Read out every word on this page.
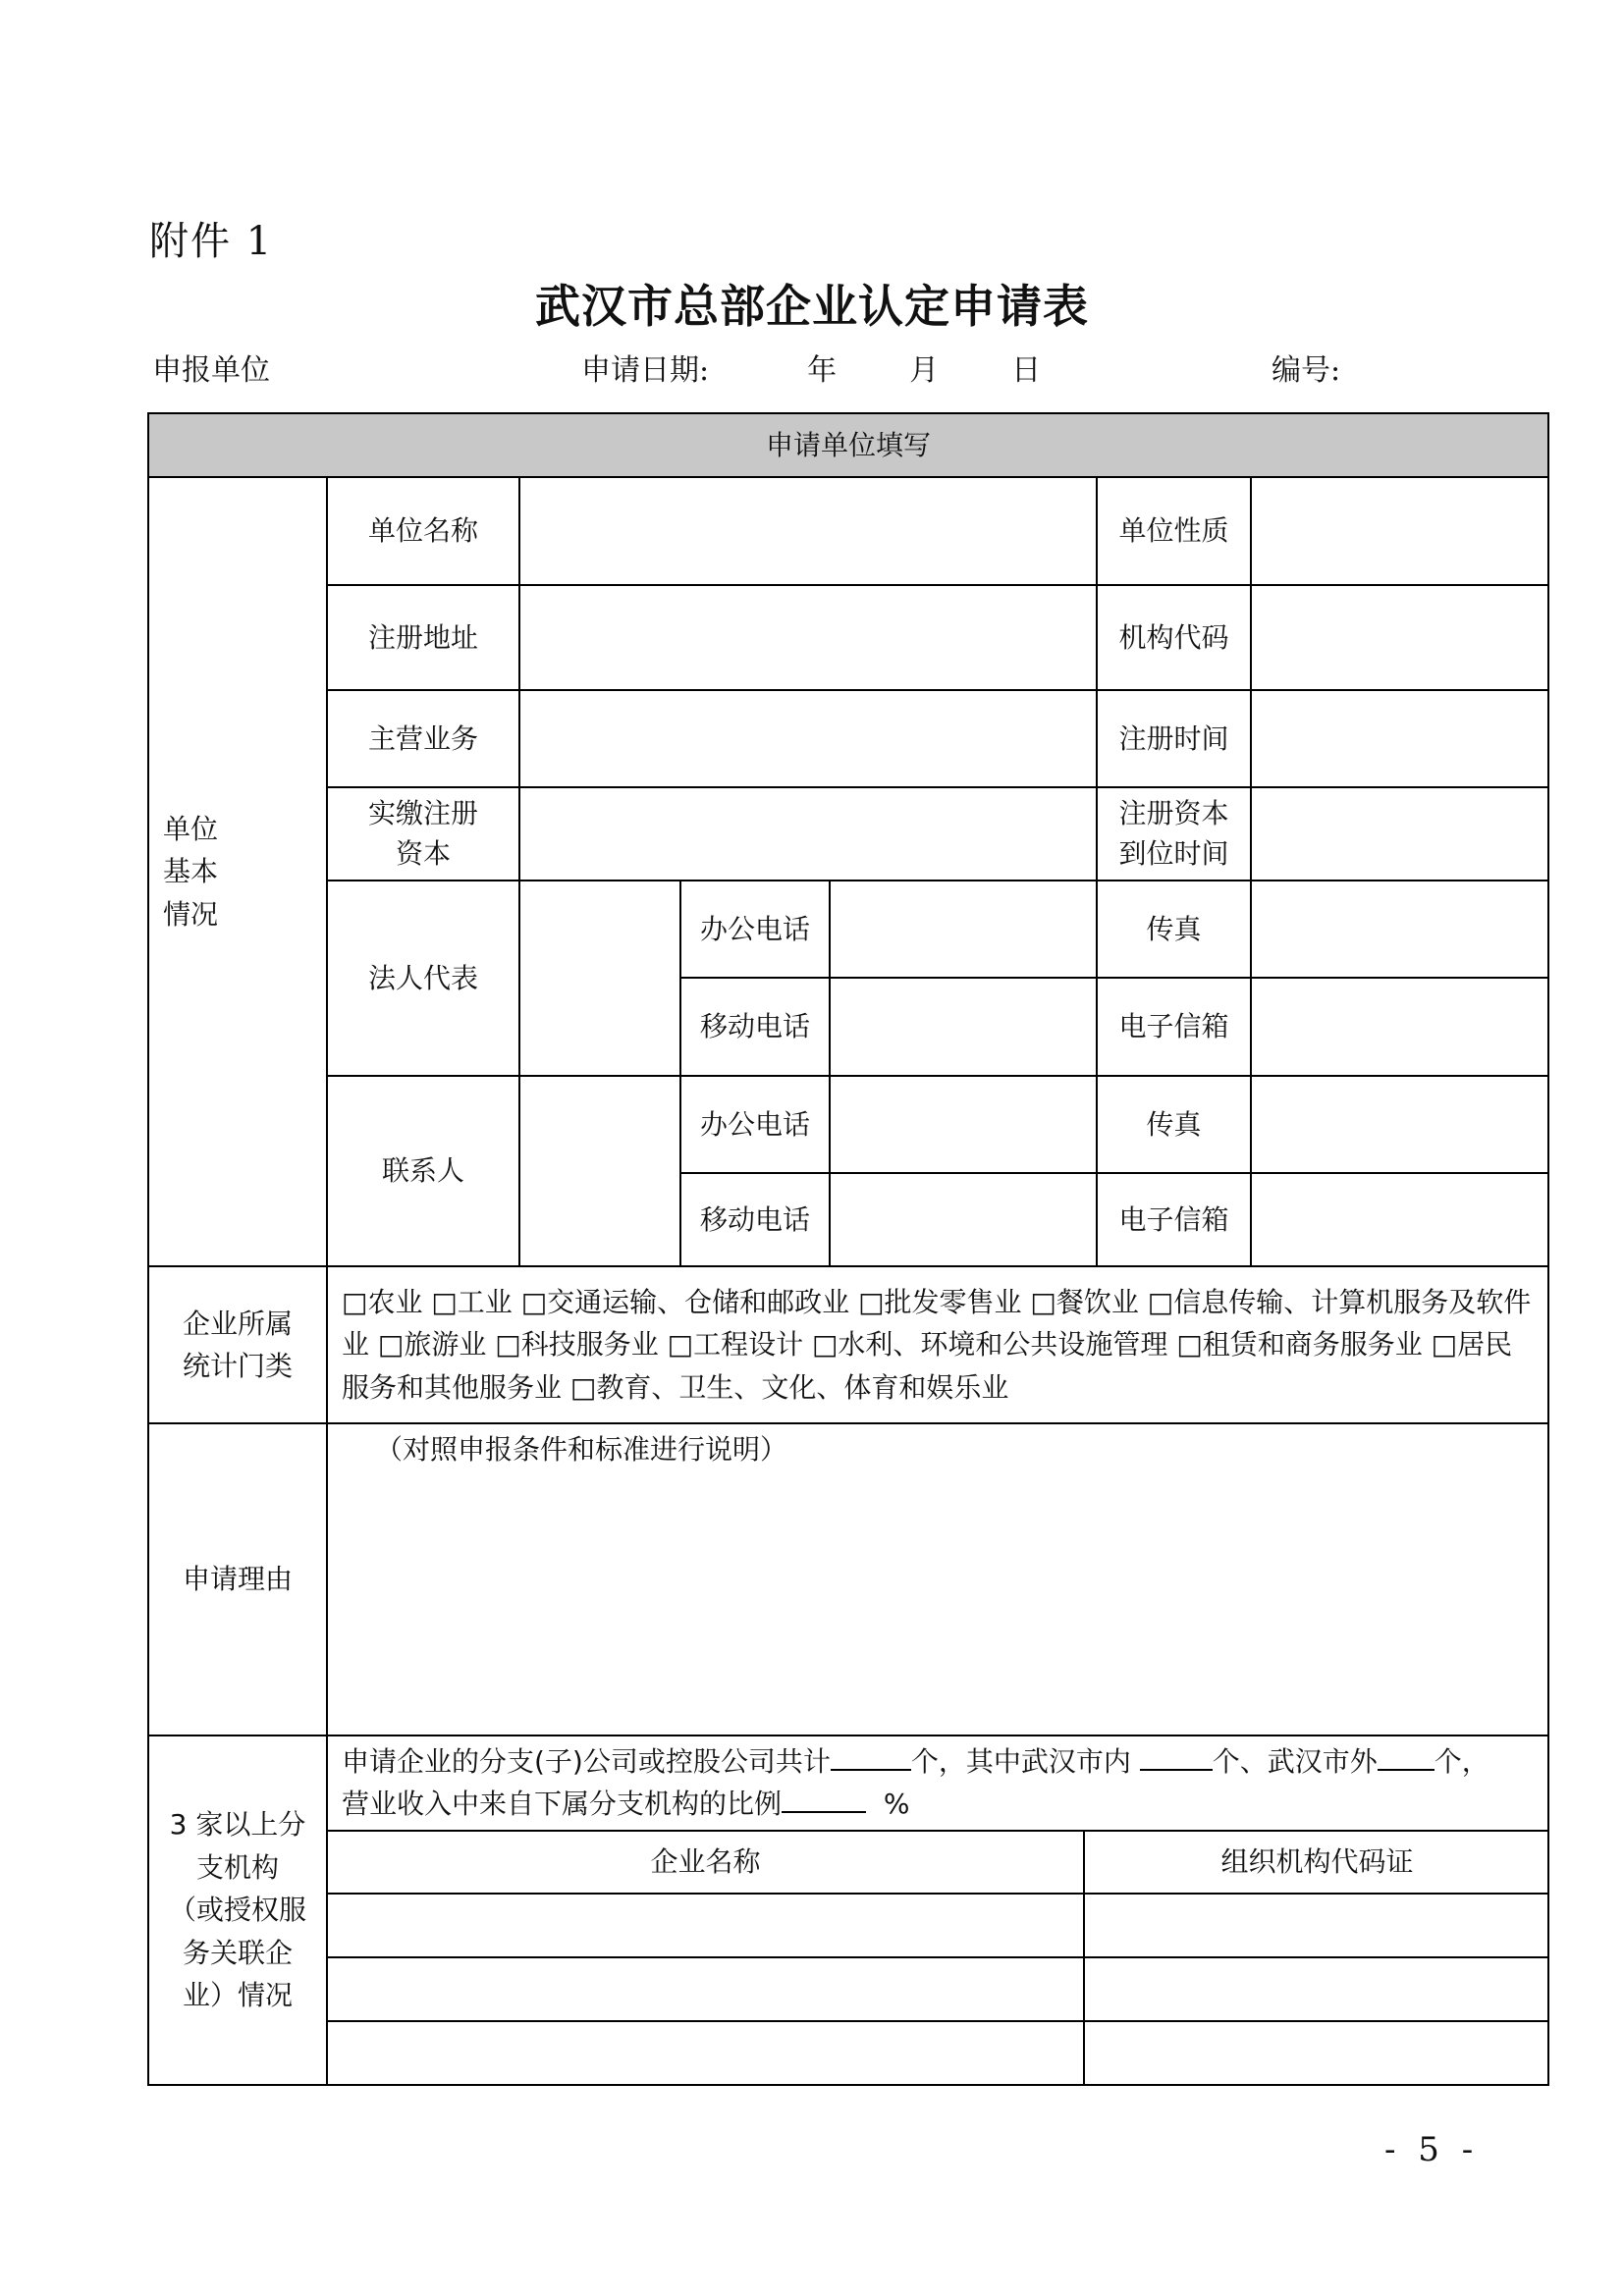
附件 1
武汉市总部企业认定申请表
申报单位	申请日期:	年 月 日	编号:
申请单位填写
单位
基本
情况	单位名称		单位性质	
注册地址		机构代码	
主营业务		注册时间	
实缴注册
资本		注册资本
到位时间	
法人代表		办公电话		传真	
移动电话		电子信箱	
联系人		办公电话		传真	
移动电话		电子信箱	
企业所属
统计门类	□农业 □工业 □交通运输、仓储和邮政业 □批发零售业 □餐饮业 □信息传输、计算机服务及软件业 □旅游业 □科技服务业 □工程设计 □水利、环境和公共设施管理 □租赁和商务服务业 □居民服务和其他服务业 □教育、卫生、文化、体育和娱乐业
申请理由	（对照申报条件和标准进行说明）
3 家以上分
支机构
（或授权服
务关联企
业）情况	
申请企业的分支(子)公司或控股公司共计	个，其中武汉市内	个、武汉市外 个，
营业收入中来自下属分支机构的比例	%
企业名称	组织机构代码证

- 5 -
